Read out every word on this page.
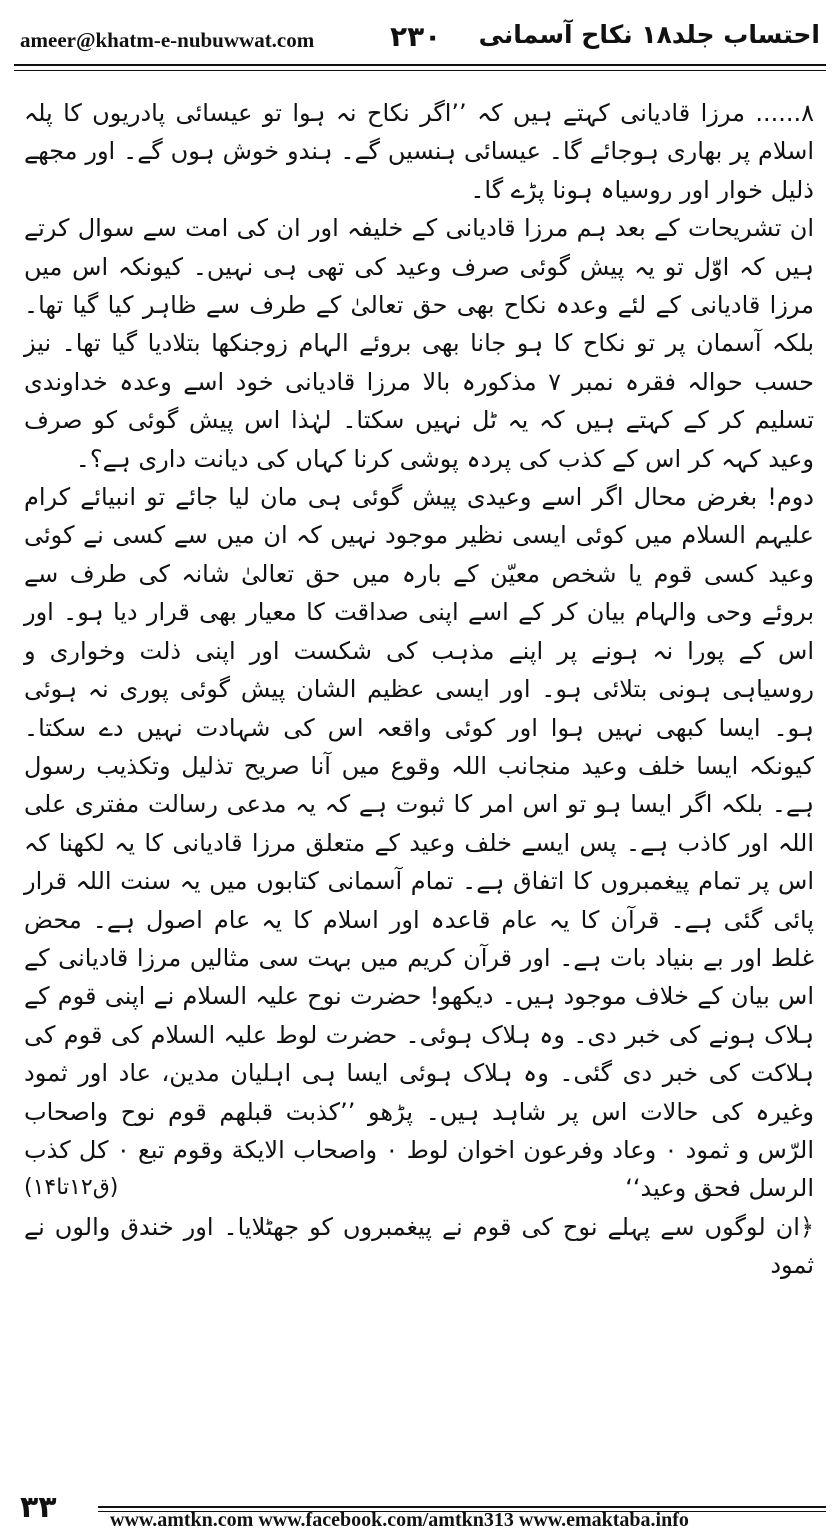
ameer@khatm-e-nubuwwat.com	۲۳۰ احتساب جلد۱۸ نکاح آسمانی

۸...... مرزا قادیانی کہتے ہیں کہ ’’اگر نکاح نہ ہوا تو عیسائی پادریوں کا پلہ اسلام پر بھاری ہوجائے گا۔ عیسائی ہنسیں گے۔ ہندو خوش ہوں گے۔ اور مجھے ذلیل خوار اور روسیاہ ہونا پڑے گا۔

ان تشریحات کے بعد ہم مرزا قادیانی کے خلیفہ اور ان کی امت سے سوال کرتے ہیں کہ اوّل تو یہ پیش گوئی صرف وعید کی تھی ہی نہیں۔ کیونکہ اس میں مرزا قادیانی کے لئے وعدہ نکاح بھی حق تعالیٰ کے طرف سے ظاہر کیا گیا تھا۔ بلکہ آسمان پر تو نکاح کا ہو جانا بھی بروئے الہام زوجنکھا بتلادیا گیا تھا۔ نیز حسب حوالہ فقرہ نمبر ۷ مذکورہ بالا مرزا قادیانی خود اسے وعدہ خداوندی تسلیم کر کے کہتے ہیں کہ یہ ٹل نہیں سکتا۔ لہٰذا اس پیش گوئی کو صرف وعید کہہ کر اس کے کذب کی پردہ پوشی کرنا کہاں کی دیانت داری ہے؟۔

دوم! بغرض محال اگر اسے وعیدی پیش گوئی ہی مان لیا جائے تو انبیائے کرام علیہم السلام میں کوئی ایسی نظیر موجود نہیں کہ ان میں سے کسی نے کوئی وعید کسی قوم یا شخص معیّن کے بارہ میں حق تعالیٰ شانہ کی طرف سے بروئے وحی والہام بیان کر کے اسے اپنی صداقت کا معیار بھی قرار دیا ہو۔ اور اس کے پورا نہ ہونے پر اپنے مذہب کی شکست اور اپنی ذلت وخواری و روسیاہی ہونی بتلائی ہو۔ اور ایسی عظیم الشان پیش گوئی پوری نہ ہوئی ہو۔ ایسا کبھی نہیں ہوا اور کوئی واقعہ اس کی شہادت نہیں دے سکتا۔ کیونکہ ایسا خلف وعید منجانب اللہ وقوع میں آنا صریح تذلیل وتکذیب رسول ہے۔ بلکہ اگر ایسا ہو تو اس امر کا ثبوت ہے کہ یہ مدعی رسالت مفتری علی اللہ اور کاذب ہے۔ پس ایسے خلف وعید کے متعلق مرزا قادیانی کا یہ لکھنا کہ اس پر تمام پیغمبروں کا اتفاق ہے۔ تمام آسمانی کتابوں میں یہ سنت اللہ قرار پائی گئی ہے۔ قرآن کا یہ عام قاعدہ اور اسلام کا یہ عام اصول ہے۔ محض غلط اور بے بنیاد بات ہے۔ اور قرآن کریم میں بہت سی مثالیں مرزا قادیانی کے اس بیان کے خلاف موجود ہیں۔ دیکھو! حضرت نوح علیہ السلام نے اپنی قوم کے ہلاک ہونے کی خبر دی۔ وہ ہلاک ہوئی۔ حضرت لوط علیہ السلام کی قوم کی ہلاکت کی خبر دی گئی۔ وہ ہلاک ہوئی ایسا ہی اہلیان مدین، عاد اور ثمود وغیرہ کی حالات اس پر شاہد ہیں۔ پڑھو ’’کذبت قبلهم قوم نوح واصحاب الرّس و ثمود ۰ وعاد وفرعون اخوان لوط ۰ واصحاب الایکة وقوم تبع ۰ کل کذب الرسل فحق وعید‘‘

(ق۱۲تا۱۴)

﴿ان لوگوں سے پہلے نوح کی قوم نے پیغمبروں کو جھٹلایا۔ اور خندق والوں نے ثمود

۳۳	www.amtkn.com www.facebook.com/amtkn313 www.emaktaba.info
